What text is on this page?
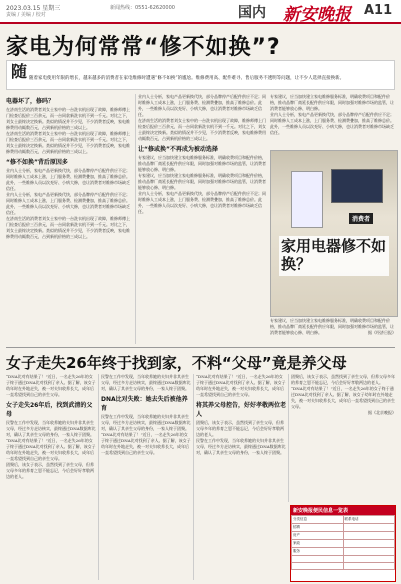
2023.03.15 星期三
责编 / 美编 / 校对
新闻热线：0551-62620000	国内 新安晚报 A11
家电为何常常“修不如换”?
随 随着家电使用年限的增长，越来越多的消费者在家电维修时遭遇“修不如换”的尴尬。维修费用高、配件难寻、售后服务不透明等问题，让不少人选择直接换新。
电器坏了，修吗？
在济南生活的消费者刘女士家中的一台洗衣机出现了故障，维修师傅上门检查后报价三百余元，而一台同款新洗衣机不到一千元。对比之下，刘女士最终决定换新。类似的情况并不少见，不少消费者反映，家电维修费用动辄数百元，占到新机价格的三成以上。
在济南生活的消费者刘女士家中的一台洗衣机出现了故障，维修师傅上门检查后报价三百余元，而一台同款新洗衣机不到一千元。对比之下，刘女士最终决定换新。类似的情况并不少见，不少消费者反映，家电维修费用动辄数百元，占到新机价格的三成以上。

“修不如换”背后原因多
业内人士分析，家电产品更新换代快，部分品牌停产后配件供应不足；同时维修人工成本上涨，上门服务费、检测费叠加，推高了维修总价。此外，一些维修人员以次充好、小病大修，也让消费者对维修市场缺乏信任。
业内人士分析，家电产品更新换代快，部分品牌停产后配件供应不足；同时维修人工成本上涨，上门服务费、检测费叠加，推高了维修总价。此外，一些维修人员以次充好、小病大修，也让消费者对维修市场缺乏信任。
在济南生活的消费者刘女士家中的一台洗衣机出现了故障，维修师傅上门检查后报价三百余元，而一台同款新洗衣机不到一千元。对比之下，刘女士最终决定换新。类似的情况并不少见，不少消费者反映，家电维修费用动辄数百元，占到新机价格的三成以上。
业内人士分析，家电产品更新换代快，部分品牌停产后配件供应不足；同时维修人工成本上涨，上门服务费、检测费叠加，推高了维修总价。此外，一些维修人员以次充好、小病大修，也让消费者对维修市场缺乏信任。
在济南生活的消费者刘女士家中的一台洗衣机出现了故障，维修师傅上门检查后报价三百余元，而一台同款新洗衣机不到一千元。对比之下，刘女士最终决定换新。类似的情况并不少见，不少消费者反映，家电维修费用动辄数百元，占到新机价格的三成以上。

让“修或换”不再成为被动选择
专家建议，应当加快建立家电维修服务标准，明确收费项目和配件价格，推动品牌厂商延长配件供应年限，同时加强对维修市场的监管，让消费者能够放心修、明白修。
专家建议，应当加快建立家电维修服务标准，明确收费项目和配件价格，推动品牌厂商延长配件供应年限，同时加强对维修市场的监管，让消费者能够放心修、明白修。
业内人士分析，家电产品更新换代快，部分品牌停产后配件供应不足；同时维修人工成本上涨，上门服务费、检测费叠加，推高了维修总价。此外，一些维修人员以次充好、小病大修，也让消费者对维修市场缺乏信任。
专家建议，应当加快建立家电维修服务标准，明确收费项目和配件价格，推动品牌厂商延长配件供应年限，同时加强对维修市场的监管，让消费者能够放心修、明白修。
业内人士分析，家电产品更新换代快，部分品牌停产后配件供应不足；同时维修人工成本上涨，上门服务费、检测费叠加，推高了维修总价。此外，一些维修人员以次充好、小病大修，也让消费者对维修市场缺乏信任。
消费者
家用电器修不如换？
专家建议，应当加快建立家电维修服务标准，明确收费项目和配件价格，推动品牌厂商延长配件供应年限，同时加强对维修市场的监管，让消费者能够放心修、明白修。	据《经济日报》
女子走失26年终于找到家，不料“父母”竟是养父母
“DNA比对有结果了！”近日，一名走失26年的女子终于通过DNA比对找到了亲人。据了解，该女子幼年时在外地走失，被一对夫妇收养长大，成年后一直希望找到自己的亲生父母。

女子走失26年后，找到武清的父母
民警在工作中发现，当年收养她的夫妇并非其亲生父母，经过多方走访核实，最终通过DNA数据库比对，确认了其亲生父母的身份，一家人终于团聚。
“DNA比对有结果了！”近日，一名走失26年的女子终于通过DNA比对找到了亲人。据了解，该女子幼年时在外地走失，被一对夫妇收养长大，成年后一直希望找到自己的亲生父母。
团聚后，该女子表示，虽然找到了亲生父母，但养父母多年的养育之恩不能忘记，今后会好好孝敬两边的老人。
民警在工作中发现，当年收养她的夫妇并非其亲生父母，经过多方走访核实，最终通过DNA数据库比对，确认了其亲生父母的身份，一家人终于团聚。

DNA比对失败：她去失后被他养育
民警在工作中发现，当年收养她的夫妇并非其亲生父母，经过多方走访核实，最终通过DNA数据库比对，确认了其亲生父母的身份，一家人终于团聚。
“DNA比对有结果了！”近日，一名走失26年的女子终于通过DNA比对找到了亲人。据了解，该女子幼年时在外地走失，被一对夫妇收养长大，成年后一直希望找到自己的亲生父母。
“DNA比对有结果了！”近日，一名走失26年的女子终于通过DNA比对找到了亲人。据了解，该女子幼年时在外地走失，被一对夫妇收养长大，成年后一直希望找到自己的亲生父母。

将其养父母控告，好好孝敬两位老人
团聚后，该女子表示，虽然找到了亲生父母，但养父母多年的养育之恩不能忘记，今后会好好孝敬两边的老人。
民警在工作中发现，当年收养她的夫妇并非其亲生父母，经过多方走访核实，最终通过DNA数据库比对，确认了其亲生父母的身份，一家人终于团聚。
团聚后，该女子表示，虽然找到了亲生父母，但养父母多年的养育之恩不能忘记，今后会好好孝敬两边的老人。
“DNA比对有结果了！”近日，一名走失26年的女子终于通过DNA比对找到了亲人。据了解，该女子幼年时在外地走失，被一对夫妇收养长大，成年后一直希望找到自己的亲生父母。

据《北京晚报》
新安晚报便民信息一览表
分类信息	联系电话
招聘	
房产	
家政	
服务	
